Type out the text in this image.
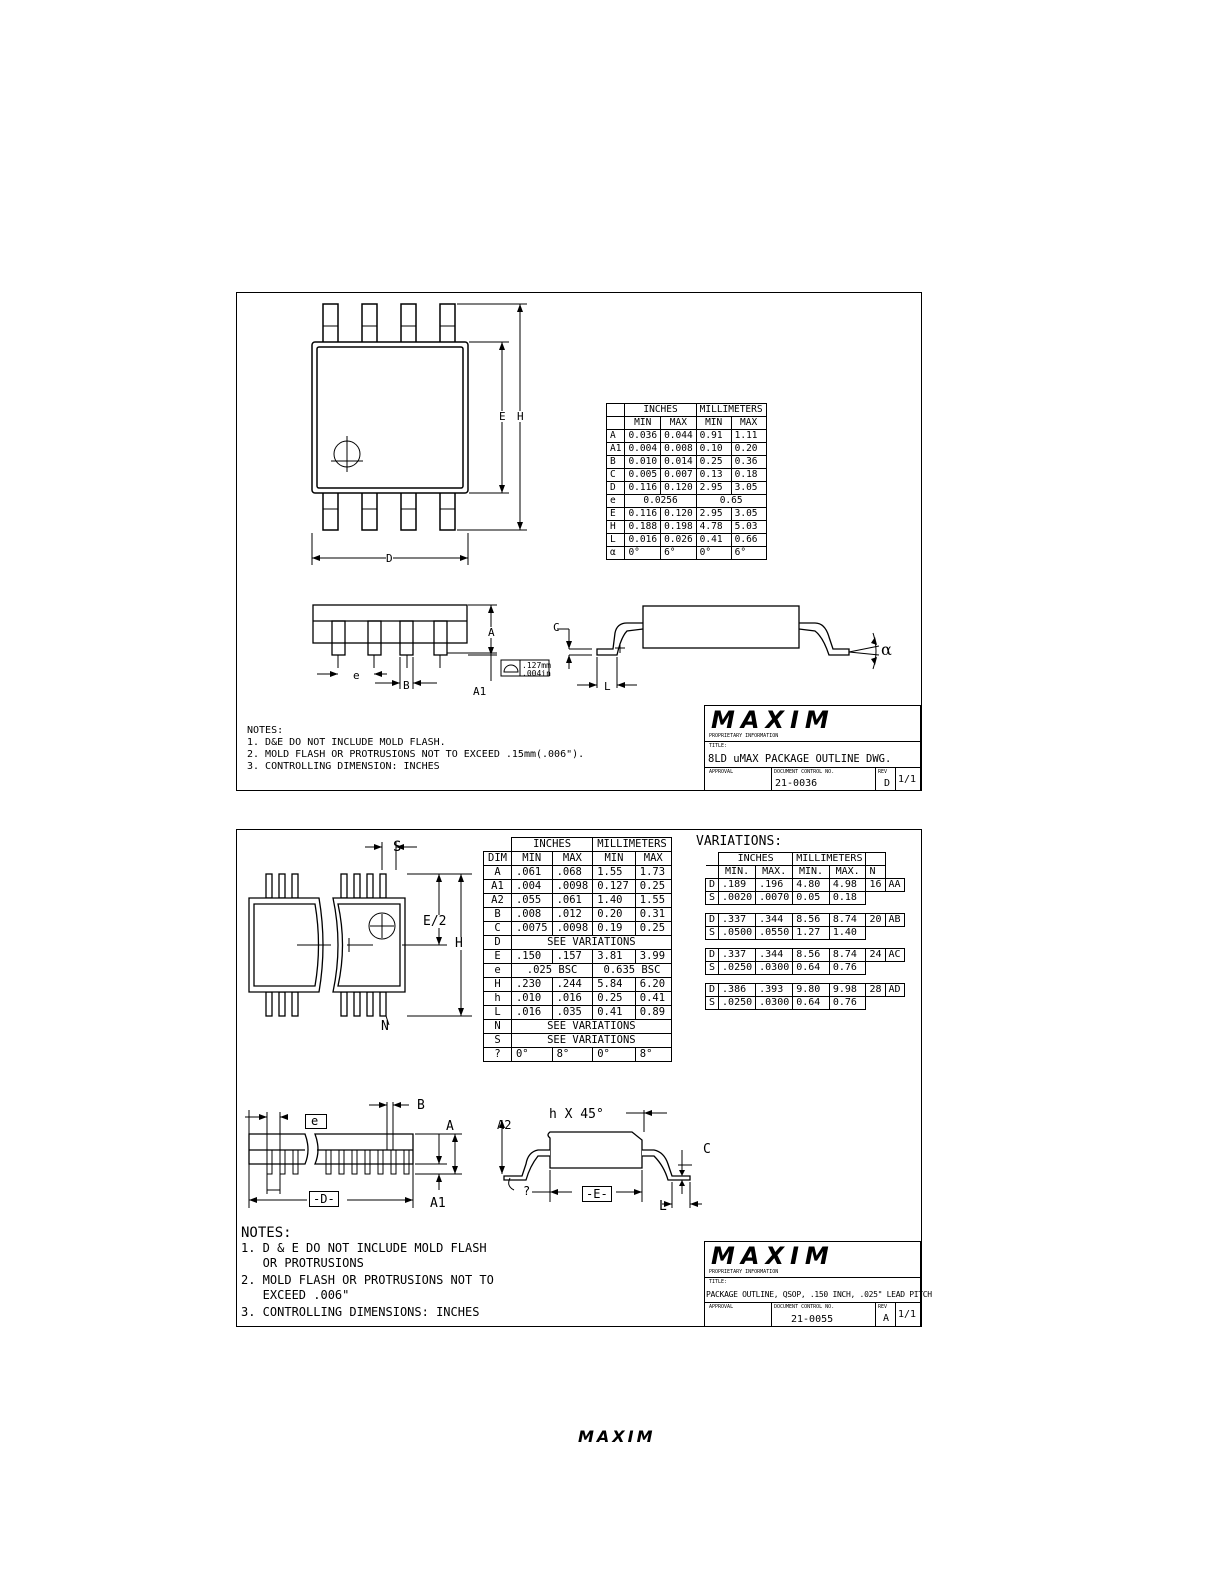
E H
D
	INCHES		MILLIMETERS	
	MIN	MAX	MIN	MAX
A	0.036	0.044	0.91	1.11
A1	0.004	0.008	0.10	0.20
B	0.010	0.014	0.25	0.36
C	0.005	0.007	0.13	0.18
D	0.116	0.120	2.95	3.05
e	0.0256		0.65	
E	0.116	0.120	2.95	3.05
H	0.188	0.198	4.78	5.03
L	0.016	0.026	0.41	0.66
α	0°	6°	0°	6°
A
e
B	A1
.127mm
.004in
C
L
α
NOTES:
1. D&E DO NOT INCLUDE MOLD FLASH.
2. MOLD FLASH OR PROTRUSIONS NOT TO EXCEED .15mm(.006").
3. CONTROLLING DIMENSION: INCHES
MAXIM
PROPRIETARY INFORMATION
TITLE:
8LD uMAX PACKAGE OUTLINE DWG.
APPROVAL	DOCUMENT CONTROL NO.
21-0036
REV
D 1/1
S
E/2
H
N
	INCHES		MILLIMETERS	
DIM	MIN	MAX	MIN	MAX
A	.061	.068	1.55	1.73
A1	.004	.0098	0.127	0.25
A2	.055	.061	1.40	1.55
B	.008	.012	0.20	0.31
C	.0075	.0098	0.19	0.25
D	SEE VARIATIONS			
E	.150	.157	3.81	3.99
e	.025 BSC		0.635 BSC	
H	.230	.244	5.84	6.20
h	.010	.016	0.25	0.41
L	.016	.035	0.41	0.89
N	SEE VARIATIONS			
S	SEE VARIATIONS			
?	0°	8°	0°	8°
VARIATIONS:
	INCHES		MILLIMETERS			
	MIN.	MAX.	MIN.	MAX.	N	
D	.189	.196	4.80	4.98	16	AA
S	.0020	.0070	0.05	0.18		

D	.337	.344	8.56	8.74	20	AB
S	.0500	.0550	1.27	1.40		

D	.337	.344	8.56	8.74	24	AC
S	.0250	.0300	0.64	0.76		

D	.386	.393	9.80	9.98	28	AD
S	.0250	.0300	0.64	0.76		
e
B
A
A1
-D-
h X 45°
A2
?	-E-
C
L
NOTES:
1. D & E DO NOT INCLUDE MOLD FLASH
OR PROTRUSIONS
2. MOLD FLASH OR PROTRUSIONS NOT TO
EXCEED .006"
3. CONTROLLING DIMENSIONS: INCHES
MAXIM
PROPRIETARY INFORMATION
TITLE:
PACKAGE OUTLINE, QSOP, .150 INCH, .025" LEAD PITCH
APPROVAL	DOCUMENT CONTROL NO.
21-0055
REV
A 1/1
MAXIM
